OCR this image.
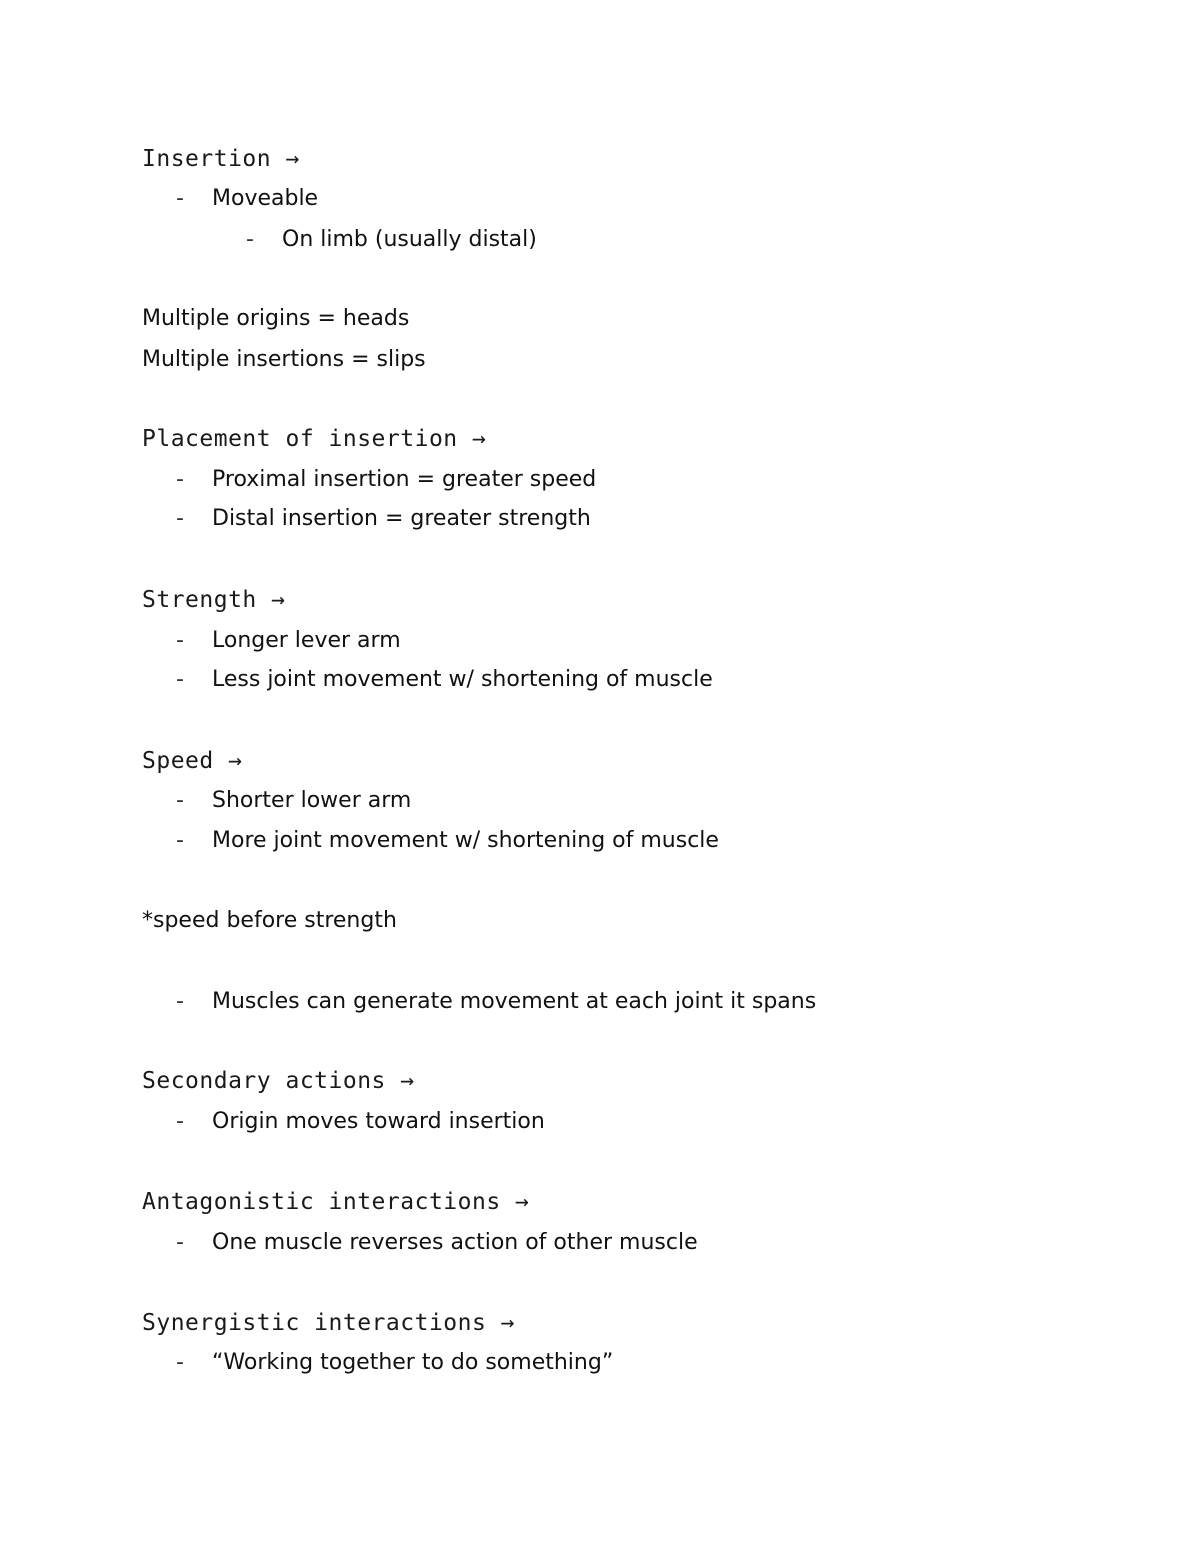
Insertion →
- Moveable
- On limb (usually distal)
Multiple origins = heads
Multiple insertions = slips
Placement of insertion →
- Proximal insertion = greater speed
- Distal insertion = greater strength
Strength →
- Longer lever arm
- Less joint movement w/ shortening of muscle
Speed →
- Shorter lower arm
- More joint movement w/ shortening of muscle
*speed before strength
- Muscles can generate movement at each joint it spans
Secondary actions →
- Origin moves toward insertion
Antagonistic interactions →
- One muscle reverses action of other muscle
Synergistic interactions →
- “Working together to do something”
